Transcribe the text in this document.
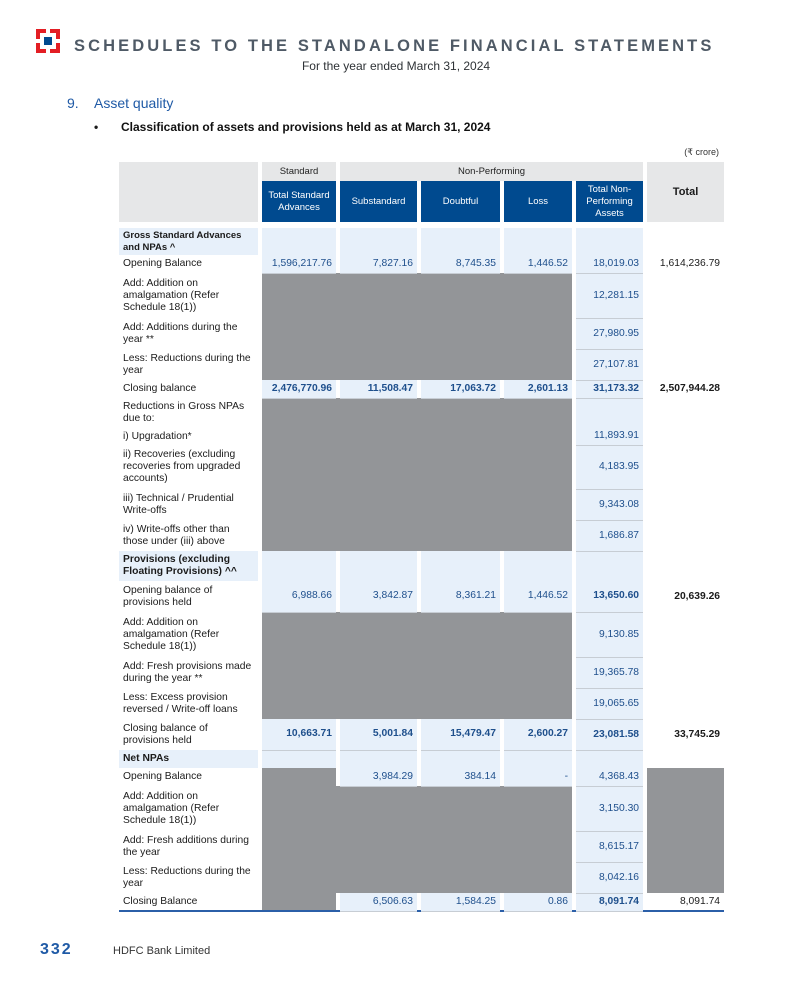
SCHEDULES TO THE STANDALONE FINANCIAL STATEMENTS
For the year ended March 31, 2024
9. Asset quality
• Classification of assets and provisions held as at March 31, 2024
(₹ crore)
		Standard		Non-Performing								Total
		Total Standard Advances		Substandard		Doubtful		Loss		Total Non-Performing Assets		

Gross Standard Advances and NPAs ^												
Opening Balance		1,596,217.76		7,827.16		8,745.35		1,446.52		18,019.03		1,614,236.79
Add: Addition on amalgamation (Refer Schedule 18(1))										12,281.15		
Add: Additions during the year **										27,980.95		
Less: Reductions during the year										27,107.81		
Closing balance		2,476,770.96		11,508.47		17,063.72		2,601.13		31,173.32		2,507,944.28
Reductions in Gross NPAs due to:												
i) Upgradation*										11,893.91		
ii) Recoveries (excluding recoveries from upgraded accounts)										4,183.95		
iii) Technical / Prudential Write-offs										9,343.08		
iv) Write-offs other than those under (iii) above										1,686.87		
Provisions (excluding Floating Provisions) ^^												
Opening balance of provisions held		6,988.66		3,842.87		8,361.21		1,446.52		13,650.60		20,639.26
Add: Addition on amalgamation (Refer Schedule 18(1))										9,130.85		
Add: Fresh provisions made during the year **										19,365.78		
Less: Excess provision reversed / Write-off loans										19,065.65		
Closing balance of provisions held		10,663.71		5,001.84		15,479.47		2,600.27		23,081.58		33,745.29
Net NPAs												
Opening Balance				3,984.29		384.14		-		4,368.43		
Add: Addition on amalgamation (Refer Schedule 18(1))										3,150.30		
Add: Fresh additions during the year										8,615.17		
Less: Reductions during the year										8,042.16		
Closing Balance				6,506.63		1,584.25		0.86		8,091.74		8,091.74
332	HDFC Bank Limited
